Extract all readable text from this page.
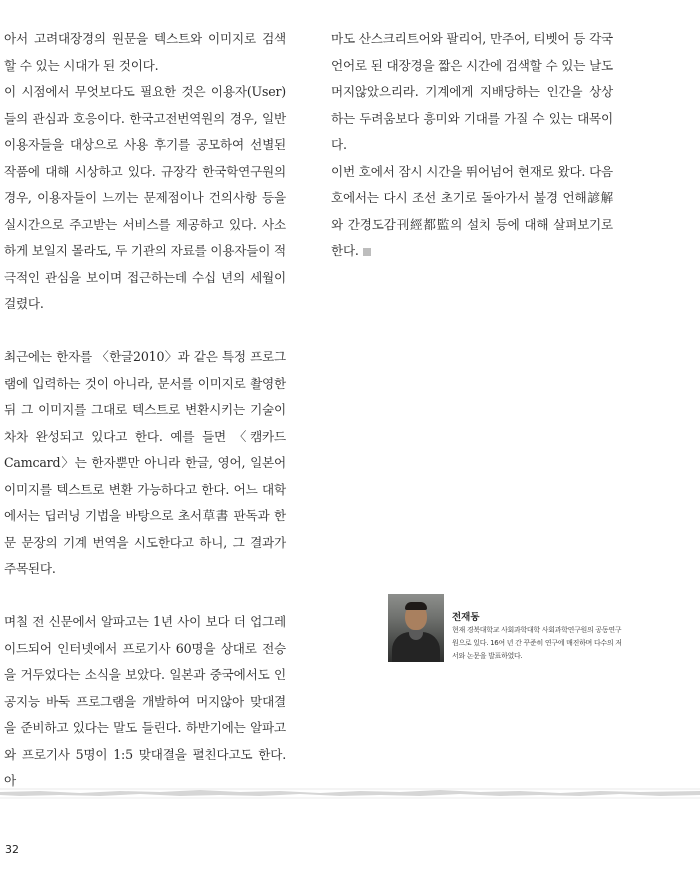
아서 고려대장경의 원문을 텍스트와 이미지로 검색할 수 있는 시대가 된 것이다.

이 시점에서 무엇보다도 필요한 것은 이용자(User)들의 관심과 호응이다. 한국고전번역원의 경우, 일반 이용자들을 대상으로 사용 후기를 공모하여 선별된 작품에 대해 시상하고 있다. 규장각 한국학연구원의 경우, 이용자들이 느끼는 문제점이나 건의사항 등을 실시간으로 주고받는 서비스를 제공하고 있다. 사소하게 보일지 몰라도, 두 기관의 자료를 이용자들이 적극적인 관심을 보이며 접근하는데 수십 년의 세월이 걸렸다.

최근에는 한자를 〈한글2010〉과 같은 특정 프로그램에 입력하는 것이 아니라, 문서를 이미지로 촬영한 뒤 그 이미지를 그대로 텍스트로 변환시키는 기술이 차차 완성되고 있다고 한다. 예를 들면 〈캠카드 Camcard〉는 한자뿐만 아니라 한글, 영어, 일본어 이미지를 텍스트로 변환 가능하다고 한다. 어느 대학에서는 딥러닝 기법을 바탕으로 초서草書 판독과 한문 문장의 기계 번역을 시도한다고 하니, 그 결과가 주목된다.

며칠 전 신문에서 알파고는 1년 사이 보다 더 업그레이드되어 인터넷에서 프로기사 60명을 상대로 전승을 거두었다는 소식을 보았다. 일본과 중국에서도 인공지능 바둑 프로그램을 개발하여 머지않아 맞대결을 준비하고 있다는 말도 들린다. 하반기에는 알파고와 프로기사 5명이 1:5 맞대결을 펼친다고도 한다. 아

마도 산스크리트어와 팔리어, 만주어, 티벳어 등 각국 언어로 된 대장경을 짧은 시간에 검색할 수 있는 날도 머지않았으리라. 기계에게 지배당하는 인간을 상상하는 두려움보다 흥미와 기대를 가질 수 있는 대목이다.

이번 호에서 잠시 시간을 뛰어넘어 현재로 왔다. 다음 호에서는 다시 조선 초기로 돌아가서 불경 언해諺解와 간경도감刊經都監의 설치 등에 대해 살펴보기로 한다.

전재동
현재 경북대학교 사회과학대학 사회과학연구원의 공동연구원으로 있다. 16여 년 간 꾸준히 연구에 매진하며 다수의 저서와 논문을 발표하였다.
32
